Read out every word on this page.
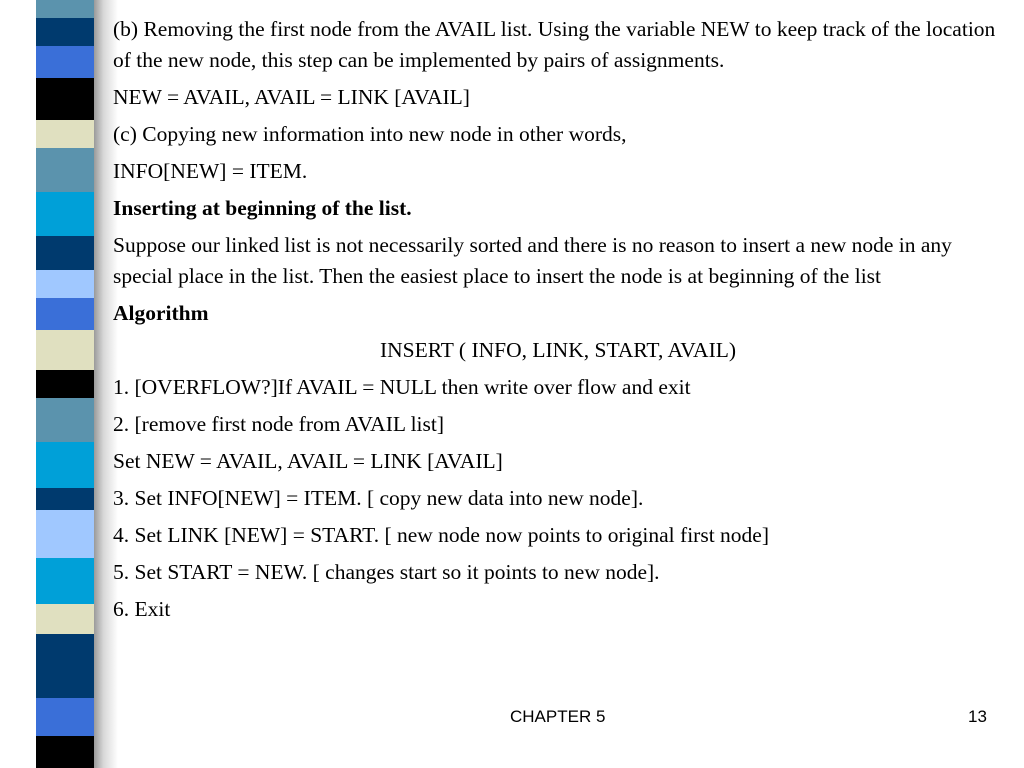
(b) Removing the first node from the AVAIL list. Using the variable NEW to keep track of the location of the new node, this step can be implemented by pairs of assignments.

NEW = AVAIL, AVAIL = LINK [AVAIL]

(c) Copying new information into new node in other words,

INFO[NEW] = ITEM.

Inserting at beginning of the list.

Suppose our linked list is not necessarily sorted and there is no reason to insert a new node in any special place in the list. Then the easiest place to insert the node is at beginning of the list

Algorithm

INSERT ( INFO, LINK, START, AVAIL)

1. [OVERFLOW?]If AVAIL = NULL then write over flow and exit

2. [remove first node from AVAIL list]

Set NEW = AVAIL, AVAIL = LINK [AVAIL]

3. Set INFO[NEW] = ITEM. [ copy new data into new node].

4. Set LINK [NEW] = START. [ new node now points to original first node]

5. Set START = NEW. [ changes start so it points to new node].

6. Exit

CHAPTER 5	13
